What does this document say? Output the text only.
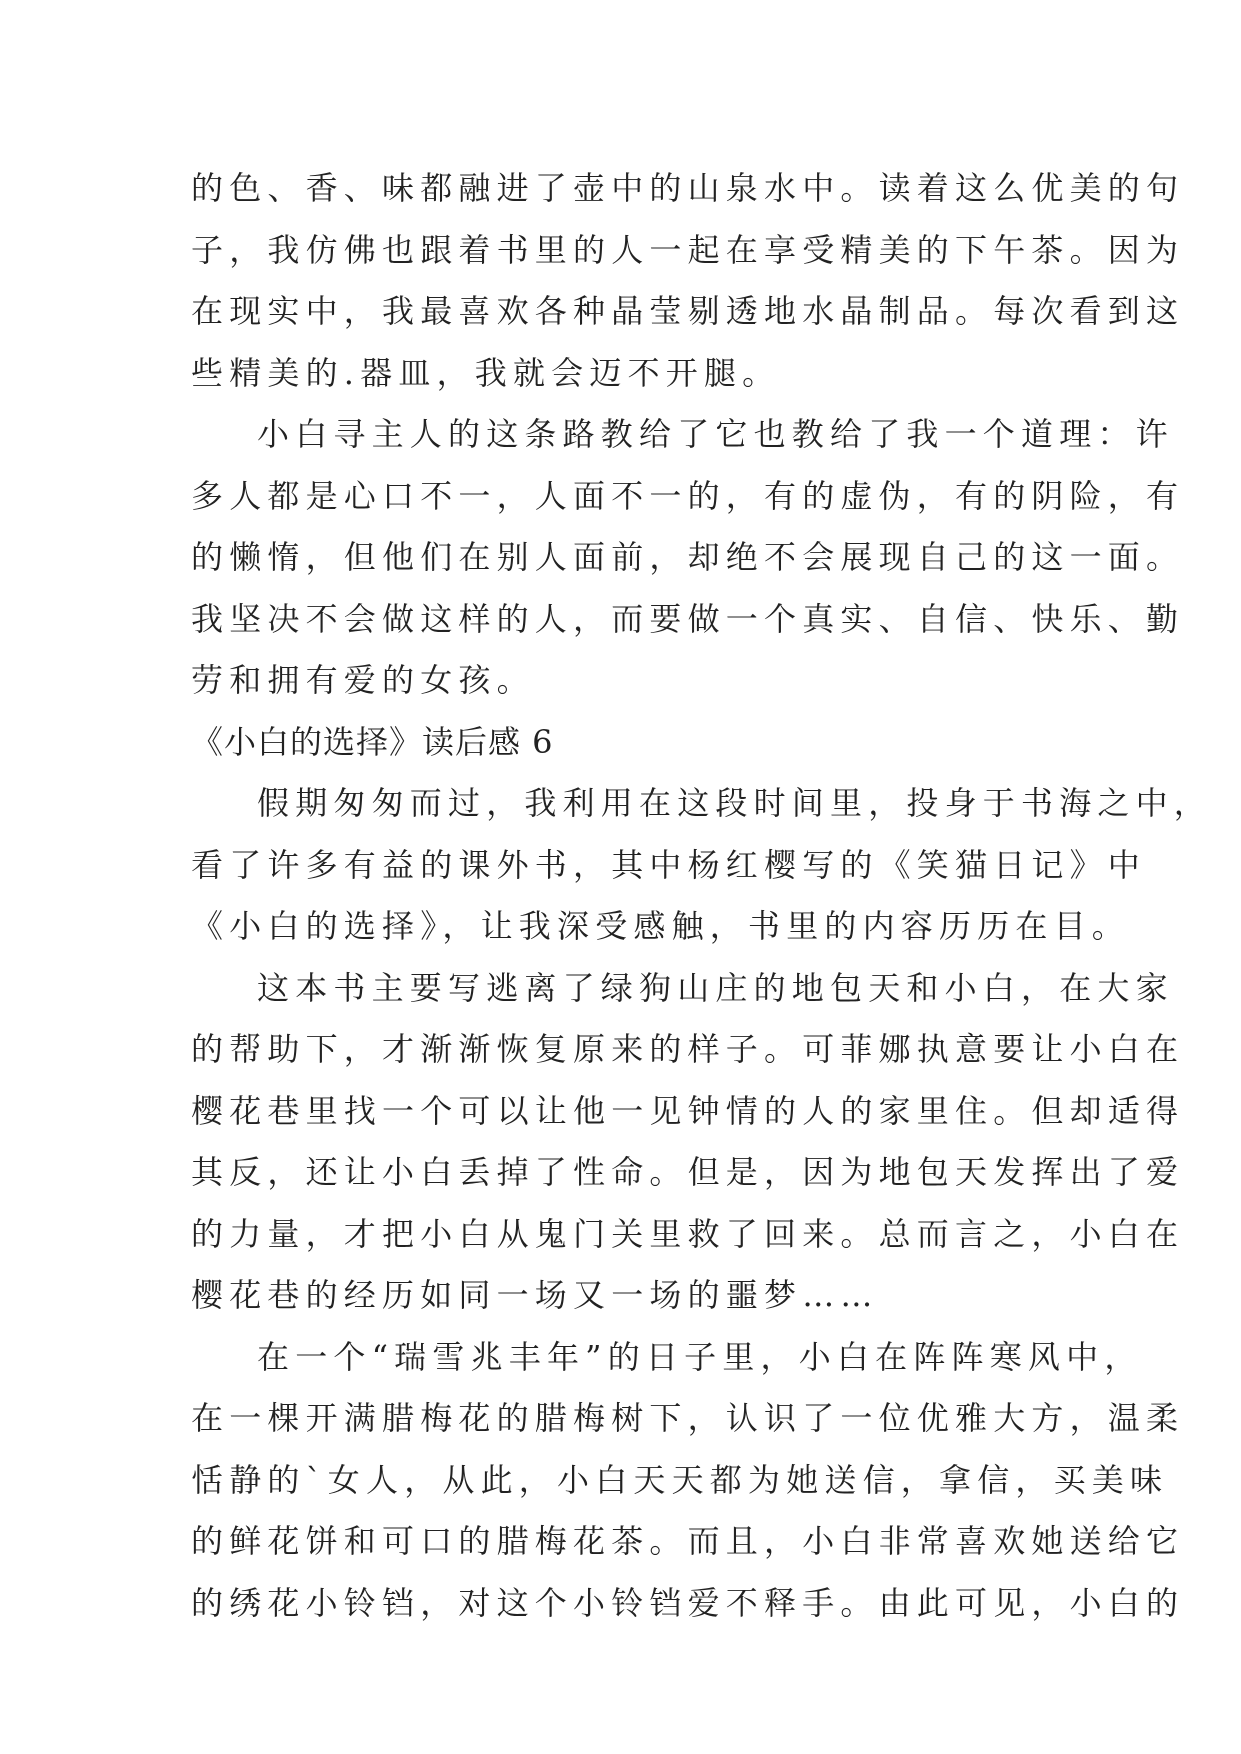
的色、香、味都融进了壶中的山泉水中。读着这么优美的句
子，我仿佛也跟着书里的人一起在享受精美的下午茶。因为
在现实中，我最喜欢各种晶莹剔透地水晶制品。每次看到这
些精美的.器皿，我就会迈不开腿。
小白寻主人的这条路教给了它也教给了我一个道理：许
多人都是心口不一，人面不一的，有的虚伪，有的阴险，有
的懒惰，但他们在别人面前，却绝不会展现自己的这一面。
我坚决不会做这样的人，而要做一个真实、自信、快乐、勤
劳和拥有爱的女孩。
《小白的选择》读后感 6
假期匆匆而过，我利用在这段时间里，投身于书海之中，
看了许多有益的课外书，其中杨红樱写的《笑猫日记》中
《小白的选择》，让我深受感触，书里的内容历历在目。
这本书主要写逃离了绿狗山庄的地包天和小白，在大家
的帮助下，才渐渐恢复原来的样子。可菲娜执意要让小白在
樱花巷里找一个可以让他一见钟情的人的家里住。但却适得
其反，还让小白丢掉了性命。但是，因为地包天发挥出了爱
的力量，才把小白从鬼门关里救了回来。总而言之，小白在
樱花巷的经历如同一场又一场的噩梦……
在一个“瑞雪兆丰年”的日子里，小白在阵阵寒风中，
在一棵开满腊梅花的腊梅树下，认识了一位优雅大方，温柔
恬静的`女人，从此，小白天天都为她送信，拿信，买美味
的鲜花饼和可口的腊梅花茶。而且，小白非常喜欢她送给它
的绣花小铃铛，对这个小铃铛爱不释手。由此可见，小白的
